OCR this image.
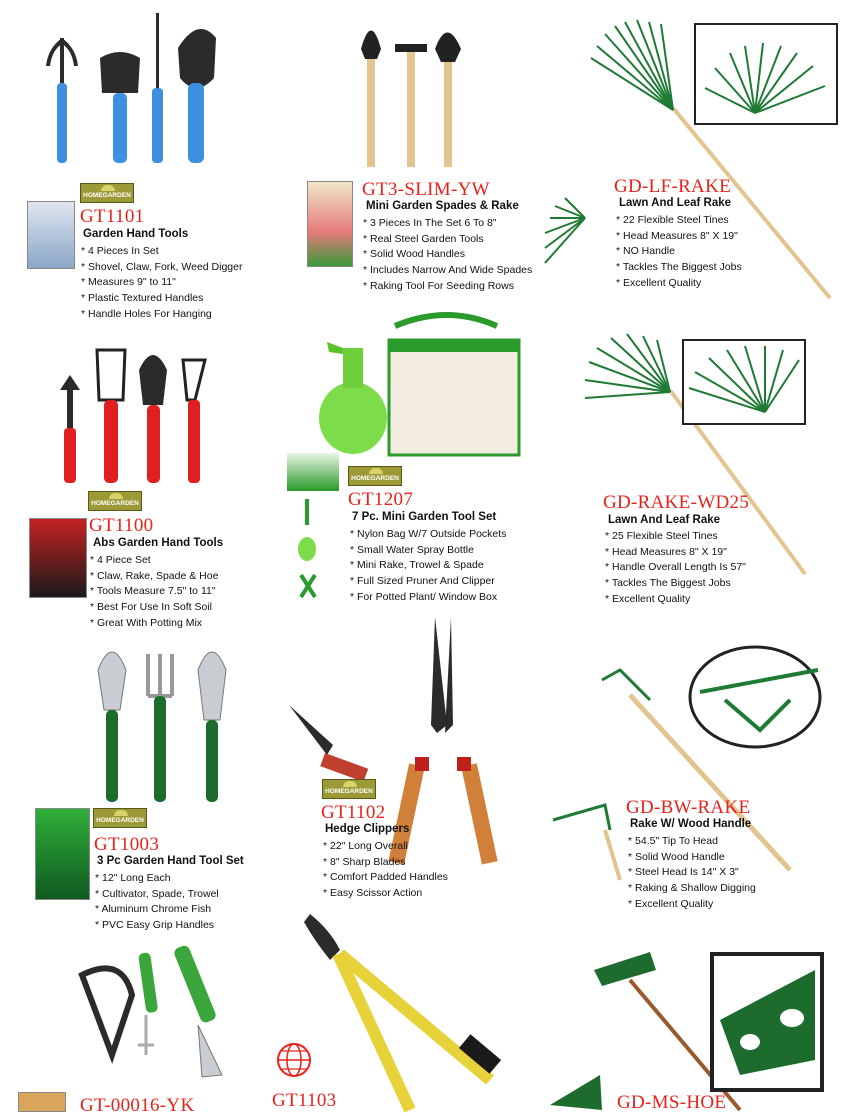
HOMEGARDEN
HOMEGARDEN
HOMEGARDEN
HOMEGARDEN
HOMEGARDEN
GT1101
Garden Hand Tools
* 4 Pieces In Set
* Shovel, Claw, Fork, Weed Digger
* Measures 9" to 11"
* Plastic Textured Handles
* Handle Holes For Hanging
GT3-SLIM-YW
Mini Garden Spades & Rake
* 3 Pieces In The Set 6 To 8"
* Real Steel Garden Tools
* Solid Wood Handles
* Includes Narrow And Wide Spades
* Raking Tool For Seeding Rows
GD-LF-RAKE
Lawn And Leaf Rake
* 22 Flexible Steel Tines
* Head Measures 8" X 19"
* NO Handle
* Tackles The Biggest Jobs
* Excellent Quality
GT1100
Abs Garden Hand Tools
* 4 Piece Set
* Claw, Rake, Spade & Hoe
* Tools Measure 7.5" to 11"
* Best For Use In Soft Soil
* Great With Potting Mix
GT1207
7 Pc. Mini Garden Tool Set
* Nylon Bag W/7 Outside Pockets
* Small Water Spray Bottle
* Mini Rake, Trowel & Spade
* Full Sized Pruner And Clipper
* For Potted Plant/ Window Box
GD-RAKE-WD25
Lawn And Leaf Rake
* 25 Flexible Steel Tines
* Head Measures 8" X 19"
* Handle Overall Length Is 57"
* Tackles The Biggest Jobs
* Excellent Quality
GT1003
3 Pc Garden Hand Tool Set
* 12" Long Each
* Cultivator, Spade, Trowel
* Aluminum Chrome Fish
* PVC Easy Grip Handles
GT1102
Hedge Clippers
* 22" Long Overall
* 8" Sharp Blades
* Comfort Padded Handles
* Easy Scissor Action
GD-BW-RAKE
Rake W/ Wood Handle
* 54.5" Tip To Head
* Solid Wood Handle
* Steel Head Is 14" X 3"
* Raking & Shallow Digging
* Excellent Quality
GT-00016-YK	GT1103	GD-MS-HOE
